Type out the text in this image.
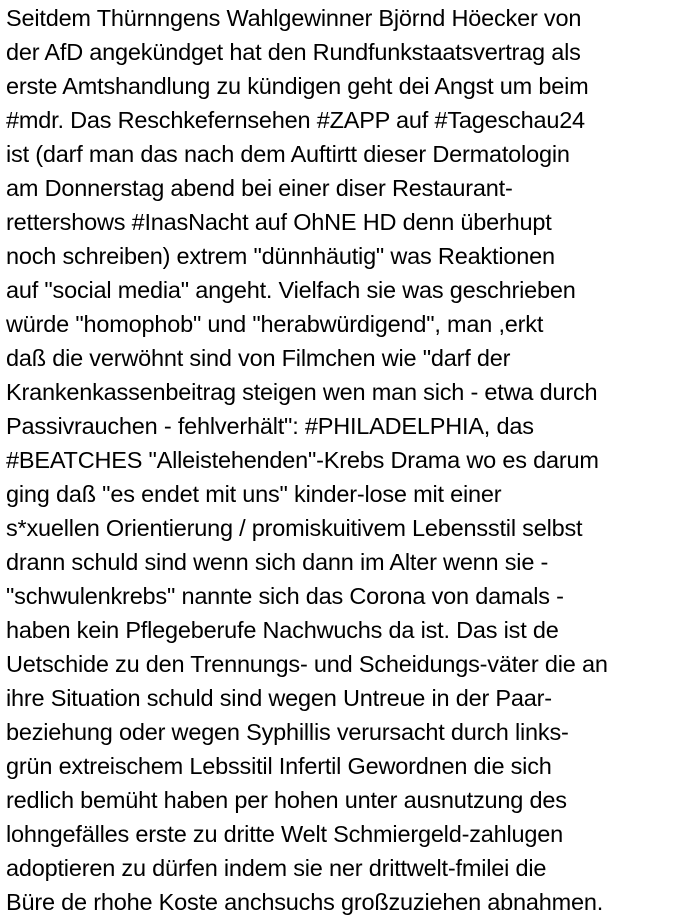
Seitdem Thürnngens Wahlgewinner Björnd Höecker von
der AfD angekündget hat den Rundfunkstaatsvertrag als
erste Amtshandlung zu kündigen geht dei Angst um beim
#mdr. Das Reschkefernsehen #ZAPP auf #Tageschau24
ist (darf man das nach dem Auftirtt dieser Dermatologin
am Donnerstag abend bei einer diser Restaurant-
rettershows #InasNacht auf OhNE HD denn überhupt
noch schreiben) extrem "dünnhäutig" was Reaktionen
auf "social media" angeht. Vielfach sie was geschrieben
würde "homophob" und "herabwürdigend", man ,erkt
daß die verwöhnt sind von Filmchen wie "darf der
Krankenkassenbeitrag steigen wen man sich - etwa durch
Passivrauchen - fehlverhält": #PHILADELPHIA, das
#BEATCHES "Alleistehenden"-Krebs Drama wo es darum
ging daß "es endet mit uns" kinder-lose mit einer
s*xuellen Orientierung / promiskuitivem Lebensstil selbst
drann schuld sind wenn sich dann im Alter wenn sie -
"schwulenkrebs" nannte sich das Corona von damals -
haben kein Pflegeberufe Nachwuchs da ist. Das ist de
Uetschide zu den Trennungs- und Scheidungs-väter die an
ihre Situation schuld sind wegen Untreue in der Paar-
beziehung oder wegen Syphillis verursacht durch links-
grün extreischem Lebssitil Infertil Gewordnen die sich
redlich bemüht haben per hohen unter ausnutzung des
lohngefälles erste zu dritte Welt Schmiergeld-zahlugen
adoptieren zu dürfen indem sie ner drittwelt-fmilei die
Büre de rhohe Koste anchsuchs großzuziehen abnahmen.
